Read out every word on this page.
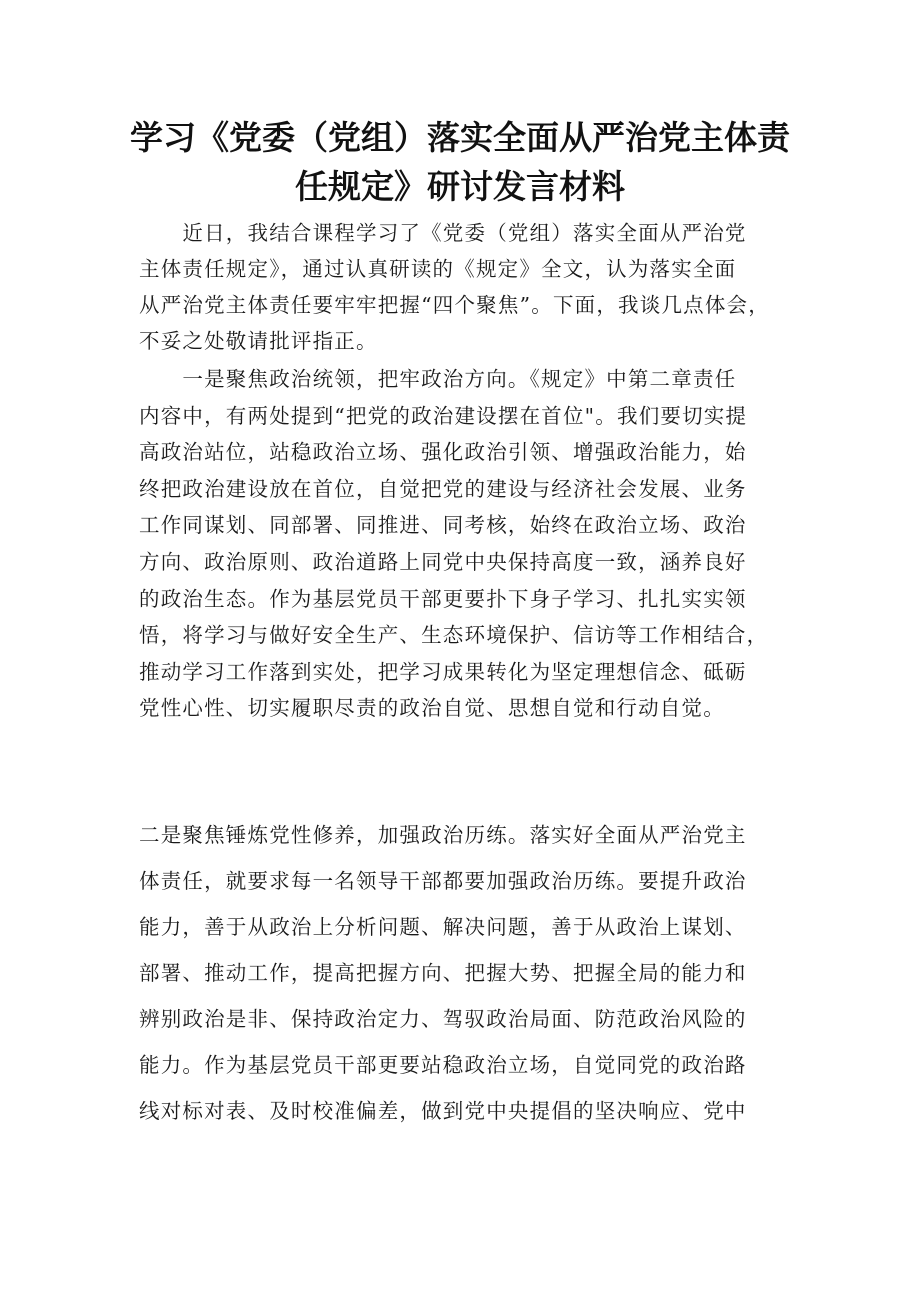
学习《党委（党组）落实全面从严治党主体责
任规定》研讨发言材料
　　近日，我结合课程学习了《党委（党组）落实全面从严治党
主体责任规定》，通过认真研读的《规定》全文，认为落实全面
从严治党主体责任要牢牢把握“四个聚焦”。下面，我谈几点体会，
不妥之处敬请批评指正。
　　一是聚焦政治统领，把牢政治方向。《规定》中第二章责任
内容中，有两处提到“把党的政治建设摆在首位"。我们要切实提
高政治站位，站稳政治立场、强化政治引领、增强政治能力，始
终把政治建设放在首位，自觉把党的建设与经济社会发展、业务
工作同谋划、同部署、同推进、同考核，始终在政治立场、政治
方向、政治原则、政治道路上同党中央保持高度一致，涵养良好
的政治生态。作为基层党员干部更要扑下身子学习、扎扎实实领
悟，将学习与做好安全生产、生态环境保护、信访等工作相结合，
推动学习工作落到实处，把学习成果转化为坚定理想信念、砥砺
党性心性、切实履职尽责的政治自觉、思想自觉和行动自觉。
二是聚焦锤炼党性修养，加强政治历练。落实好全面从严治党主
体责任，就要求每一名领导干部都要加强政治历练。要提升政治
能力，善于从政治上分析问题、解决问题，善于从政治上谋划、
部署、推动工作，提高把握方向、把握大势、把握全局的能力和
辨别政治是非、保持政治定力、驾驭政治局面、防范政治风险的
能力。作为基层党员干部更要站稳政治立场，自觉同党的政治路
线对标对表、及时校准偏差，做到党中央提倡的坚决响应、党中
